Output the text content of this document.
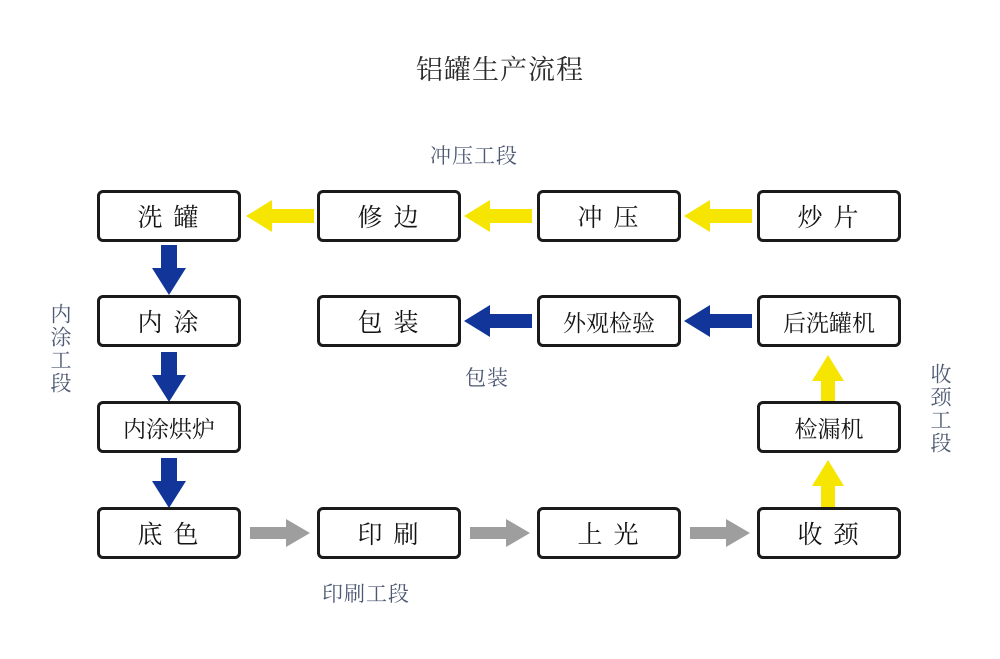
铝罐生产流程
冲压工段
包装
印刷工段
内涂工段
收颈工段
洗 罐	修 边	冲 压	炒 片
内 涂	包 装	外观检验	后洗罐机
内涂烘炉	检漏机
底 色	印 刷	上 光	收 颈
